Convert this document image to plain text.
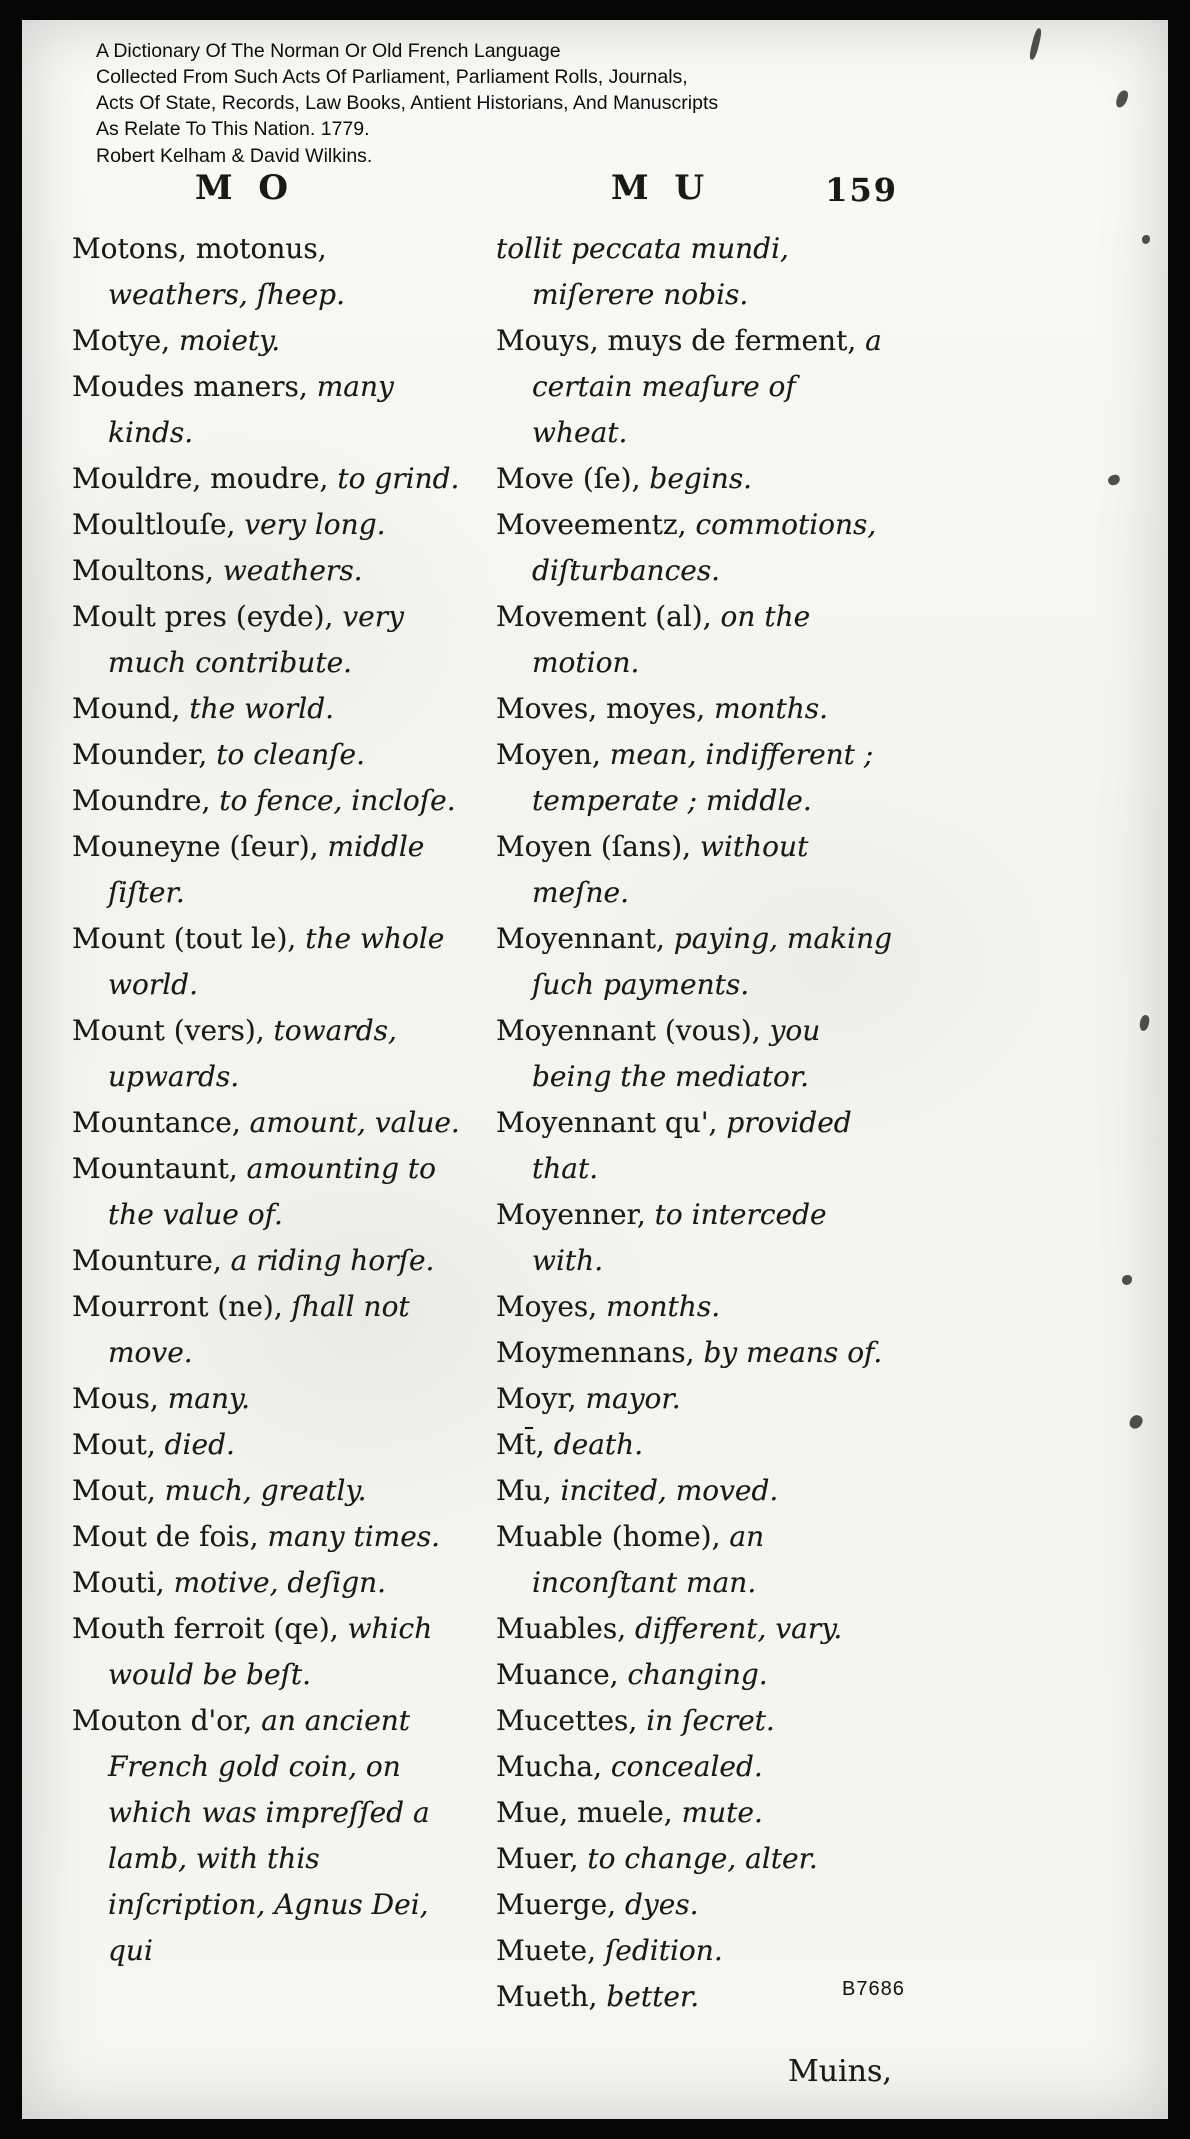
A Dictionary Of The Norman Or Old French Language
Collected From Such Acts Of Parliament, Parliament Rolls, Journals,
Acts Of State, Records, Law Books, Antient Historians, And Manuscripts
As Relate To This Nation. 1779.
Robert Kelham & David Wilkins.
M O	M U	159
Motons, motonus, weathers, ſheep.
Motye, moiety.
Moudes maners, many kinds.
Mouldre, moudre, to grind.
Moultlouſe, very long.
Moultons, weathers.
Moult pres (eyde), very much contribute.
Mound, the world.
Mounder, to cleanſe.
Moundre, to fence, incloſe.
Mouneyne (ſeur), middle ſiſter.
Mount (tout le), the whole world.
Mount (vers), towards, upwards.
Mountance, amount, value.
Mountaunt, amounting to the value of.
Mounture, a riding horſe.
Mourront (ne), ſhall not move.
Mous, many.
Mout, died.
Mout, much, greatly.
Mout de fois, many times.
Mouti, motive, deſign.
Mouth ferroit (qe), which would be beſt.
Mouton d'or, an ancient French gold coin, on which was impreſſed a lamb, with this inſcription, Agnus Dei, qui
tollit peccata mundi, miſerere nobis.
Mouys, muys de ferment, a certain meaſure of wheat.
Move (ſe), begins.
Moveementz, commotions, diſturbances.
Movement (al), on the motion.
Moves, moyes, months.
Moyen, mean, indifferent ; temperate ; middle.
Moyen (ſans), without meſne.
Moyennant, paying, making ſuch payments.
Moyennant (vous), you being the mediator.
Moyennant qu', provided that.
Moyenner, to intercede with.
Moyes, months.
Moymennans, by means of.
Moyr, mayor.
Mt̄, death.
Mu, incited, moved.
Muable (home), an inconſtant man.
Muables, different, vary.
Muance, changing.
Mucettes, in ſecret.
Mucha, concealed.
Mue, muele, mute.
Muer, to change, alter.
Muerge, dyes.
Muete, ſedition.
Mueth, better.	B7686
Muins,
